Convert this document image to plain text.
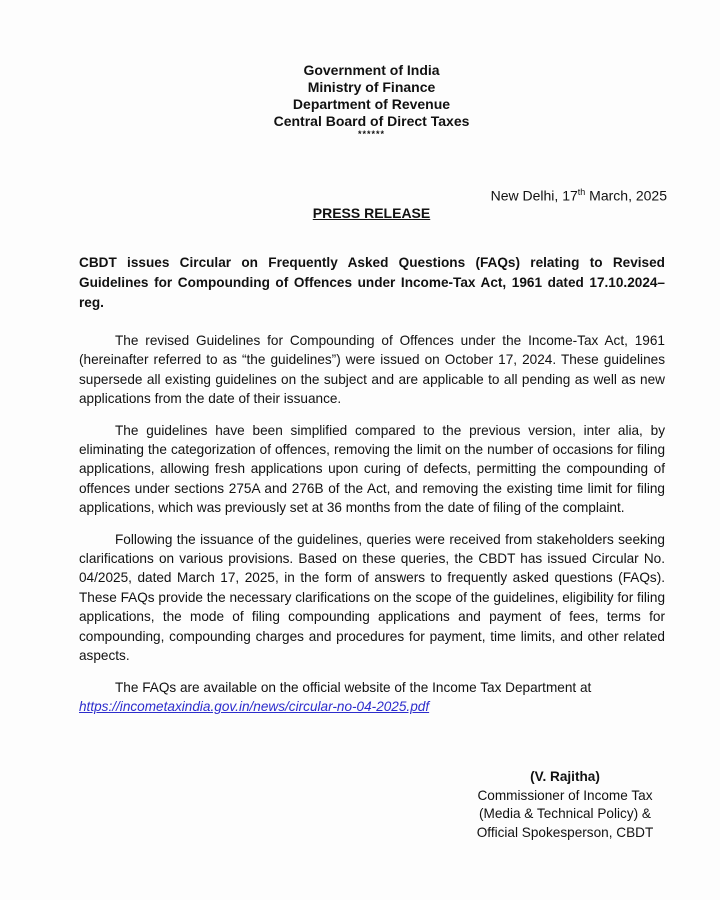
Government of India
Ministry of Finance
Department of Revenue
Central Board of Direct Taxes
******
New Delhi, 17th March, 2025
PRESS RELEASE
CBDT issues Circular on Frequently Asked Questions (FAQs) relating to Revised Guidelines for Compounding of Offences under Income-Tax Act, 1961 dated 17.10.2024– reg.

The revised Guidelines for Compounding of Offences under the Income-Tax Act, 1961 (hereinafter referred to as “the guidelines”) were issued on October 17, 2024. These guidelines supersede all existing guidelines on the subject and are applicable to all pending as well as new applications from the date of their issuance.

The guidelines have been simplified compared to the previous version, inter alia, by eliminating the categorization of offences, removing the limit on the number of occasions for filing applications, allowing fresh applications upon curing of defects, permitting the compounding of offences under sections 275A and 276B of the Act, and removing the existing time limit for filing applications, which was previously set at 36 months from the date of filing of the complaint.

Following the issuance of the guidelines, queries were received from stakeholders seeking clarifications on various provisions. Based on these queries, the CBDT has issued Circular No. 04/2025, dated March 17, 2025, in the form of answers to frequently asked questions (FAQs). These FAQs provide the necessary clarifications on the scope of the guidelines, eligibility for filing applications, the mode of filing compounding applications and payment of fees, terms for compounding, compounding charges and procedures for payment, time limits, and other related aspects.

The FAQs are available on the official website of the Income Tax Department at
https://incometaxindia.gov.in/news/circular-no-04-2025.pdf

(V. Rajitha)
Commissioner of Income Tax
(Media & Technical Policy) &
Official Spokesperson, CBDT
